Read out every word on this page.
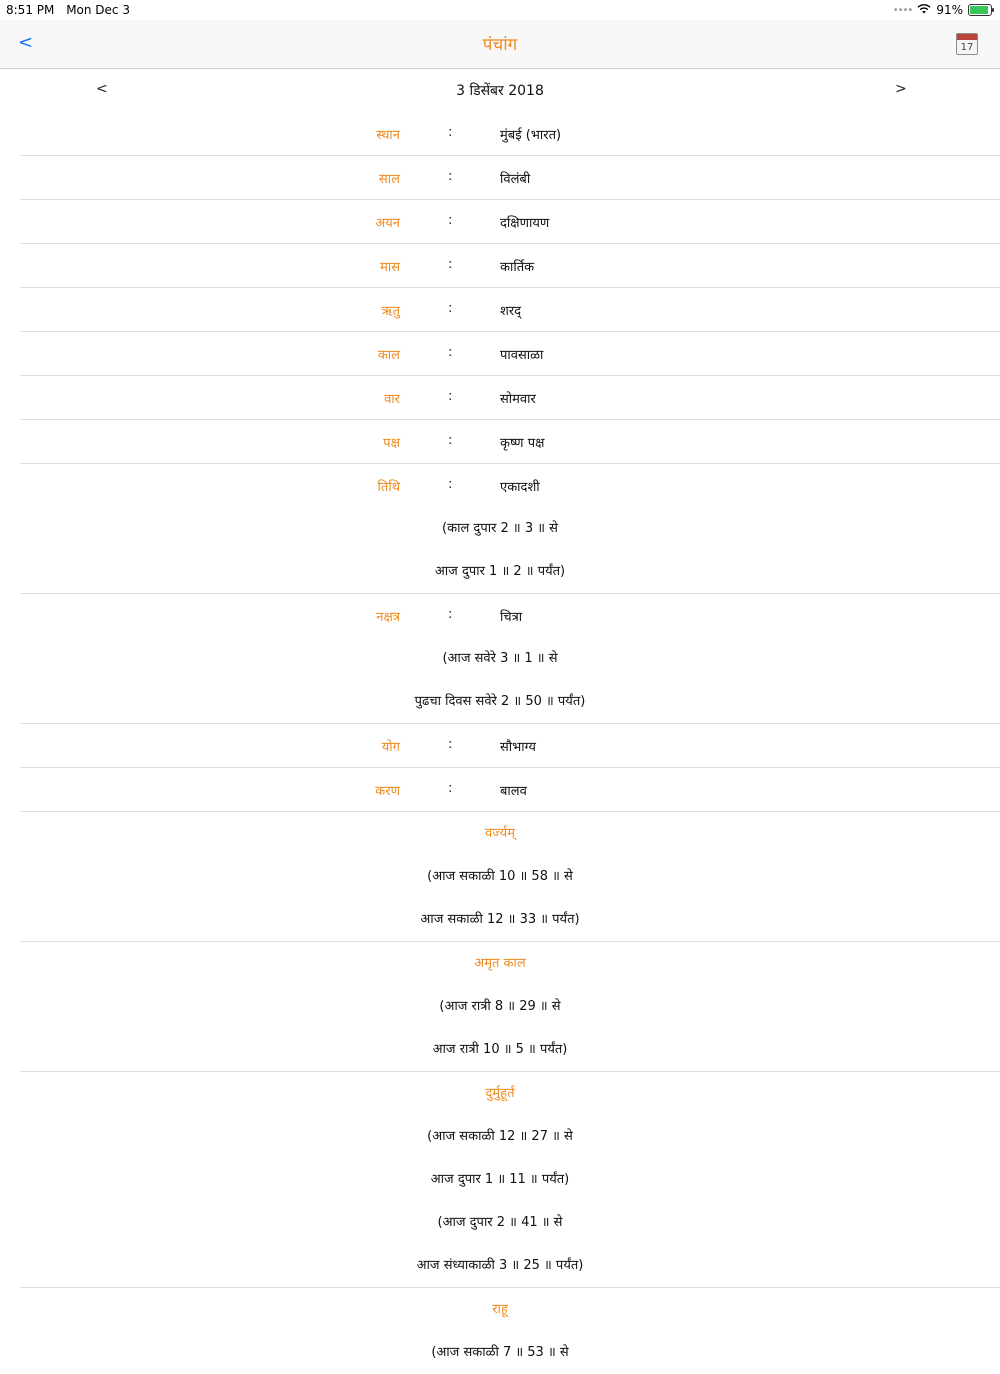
8:51 PM Mon Dec 3	•••• 91%
<	पंचांग	17
<	3 डिसेंबर 2018	>
स्थान	:	मुंबई (भारत)
साल	:	विलंबी
अयन	:	दक्षिणायण
मास	:	कार्तिक
ऋतु	:	शरद्
काल	:	पावसाळा
वार	:	सोमवार
पक्ष	:	कृष्ण पक्ष
तिथि	:	एकादशी
(काल दुपार 2 ॥ 3 ॥ से
आज दुपार 1 ॥ 2 ॥ पर्यंत)
नक्षत्र	:	चित्रा
(आज सवेरे 3 ॥ 1 ॥ से
पुढचा दिवस सवेरे 2 ॥ 50 ॥ पर्यंत)
योग	:	सौभाग्य
करण	:	बालव
वर्ज्यम्
(आज सकाळी 10 ॥ 58 ॥ से
आज सकाळी 12 ॥ 33 ॥ पर्यंत)
अमृत काल
(आज रात्री 8 ॥ 29 ॥ से
आज रात्री 10 ॥ 5 ॥ पर्यंत)
दुर्मुहूर्त
(आज सकाळी 12 ॥ 27 ॥ से
आज दुपार 1 ॥ 11 ॥ पर्यंत)
(आज दुपार 2 ॥ 41 ॥ से
आज संध्याकाळी 3 ॥ 25 ॥ पर्यंत)
राहू
(आज सकाळी 7 ॥ 53 ॥ से
